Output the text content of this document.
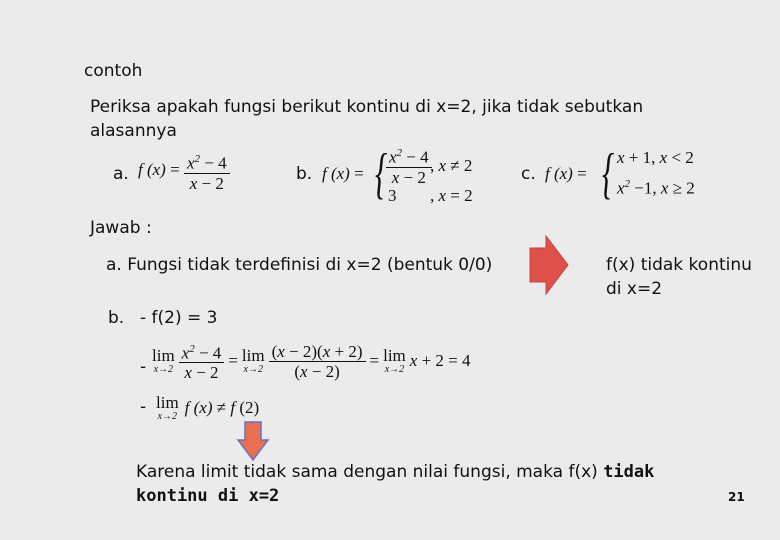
contoh
Periksa apakah fungsi berikut kontinu di x=2, jika tidak sebutkan
alasannya
a. f $(x) = \frac{x^2 - 4}{x - 2}$	b. f (x) = {
$\frac{x^2 - 4}{x - 2}$
, x ≠ 2
3 , x = 2
c. f (x) = { x + 1, x < 2
$x^2 -1$, x ≥ 2
Jawab :
a. Fungsi tidak terdefinisi di x=2 (bentuk 0/0)	f(x) tidak kontinu
di x=2
b. - f(2) = 3
-
lim
$x\to 2 \frac{x^2 - 4}{x - 2} = \lim$
$x\to 2 \frac{(x - 2)(x + 2)}{(x - 2)} = \lim$
x→2 x + 2 = 4
- lim
x→2 f (x) ≠ f (2)
Karena limit tidak sama dengan nilai fungsi, maka f(x) tidak
kontinu di x=2	21
